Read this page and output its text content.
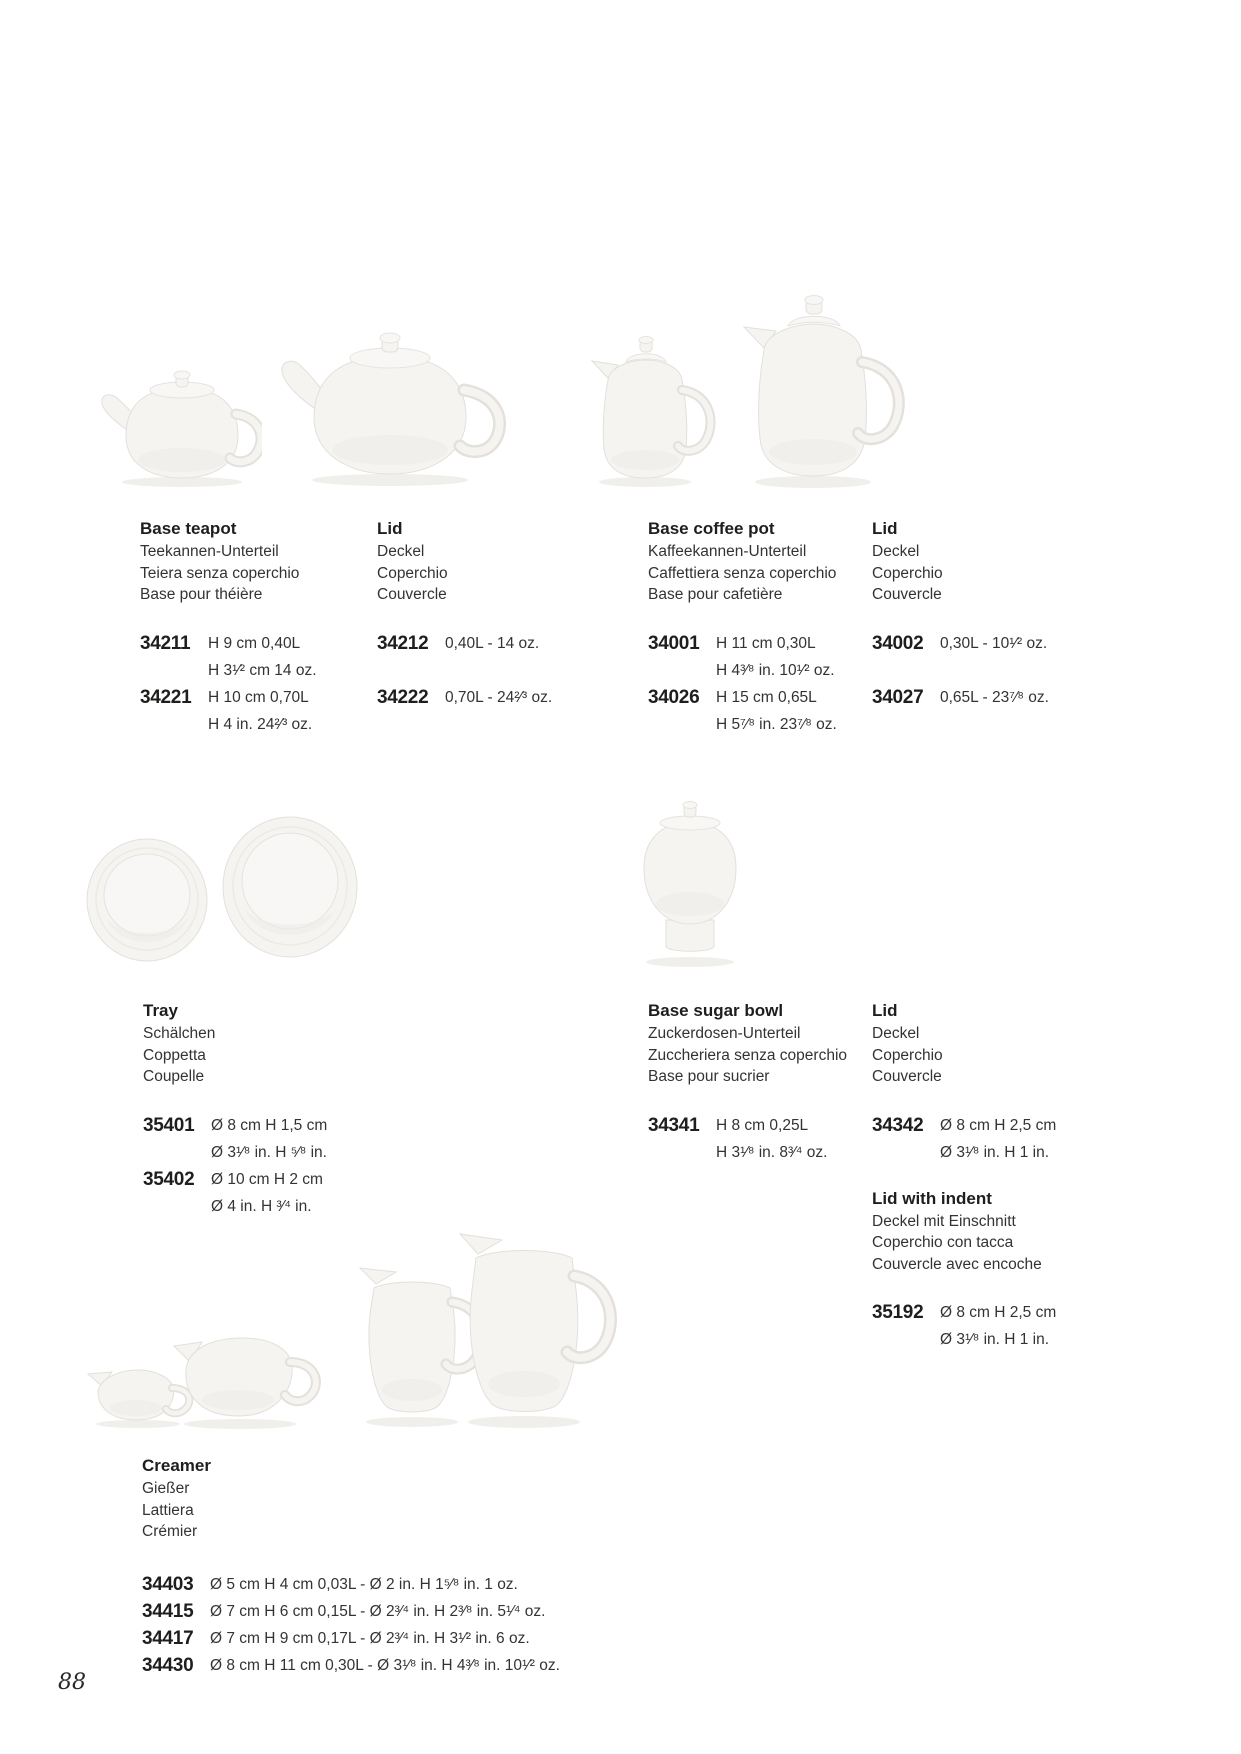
Base teapot
Teekannen-Unterteil
Teiera senza coperchio
Base pour théière
34211	H 9 cm 0,40L
H 3¹⁄² cm 14 oz.
34221	H 10 cm 0,70L
H 4 in. 24²⁄³ oz.
Lid
Deckel
Coperchio
Couvercle
34212	0,40L - 14 oz.
34222	0,70L - 24²⁄³ oz.
Base coffee pot
Kaffeekannen-Unterteil
Caffettiera senza coperchio
Base pour cafetière
34001	H 11 cm 0,30L
H 4³⁄⁸ in. 10¹⁄² oz.
34026	H 15 cm 0,65L
H 5⁷⁄⁸ in. 23⁷⁄⁸ oz.
Lid
Deckel
Coperchio
Couvercle
34002	0,30L - 10¹⁄² oz.
34027	0,65L - 23⁷⁄⁸ oz.
Tray
Schälchen
Coppetta
Coupelle
35401	Ø 8 cm H 1,5 cm
Ø 3¹⁄⁸ in. H ⁵⁄⁸ in.
35402	Ø 10 cm H 2 cm
Ø 4 in. H ³⁄⁴ in.
Base sugar bowl
Zuckerdosen-Unterteil
Zuccheriera senza coperchio
Base pour sucrier
34341	H 8 cm 0,25L
H 3¹⁄⁸ in. 8³⁄⁴ oz.
Lid
Deckel
Coperchio
Couvercle
34342	Ø 8 cm H 2,5 cm
Ø 3¹⁄⁸ in. H 1 in.
Lid with indent
Deckel mit Einschnitt
Coperchio con tacca
Couvercle avec encoche
35192	Ø 8 cm H 2,5 cm
Ø 3¹⁄⁸ in. H 1 in.
Creamer
Gießer
Lattiera
Crémier
34403	Ø 5 cm H 4 cm 0,03L - Ø 2 in. H 1⁵⁄⁸ in. 1 oz.
34415	Ø 7 cm H 6 cm 0,15L - Ø 2³⁄⁴ in. H 2³⁄⁸ in. 5¹⁄⁴ oz.
34417	Ø 7 cm H 9 cm 0,17L - Ø 2³⁄⁴ in. H 3¹⁄² in. 6 oz.
34430	Ø 8 cm H 11 cm 0,30L - Ø 3¹⁄⁸ in. H 4³⁄⁸ in. 10¹⁄² oz.
88
